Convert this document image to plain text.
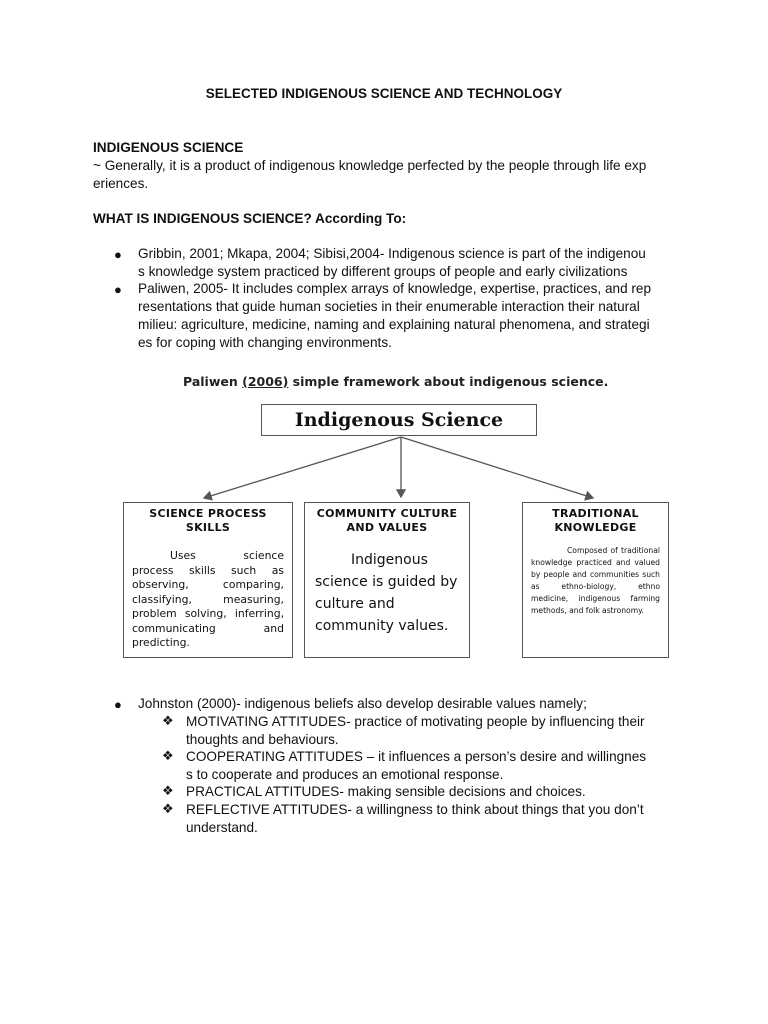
SELECTED INDIGENOUS SCIENCE AND TECHNOLOGY
INDIGENOUS SCIENCE
~ Generally, it is a product of indigenous knowledge perfected by the people through life exp
eriences.
WHAT IS INDIGENOUS SCIENCE? According To:
● Gribbin, 2001; Mkapa, 2004; Sibisi,2004- Indigenous science is part of the indigenou
s knowledge system practiced by different groups of people and early civilizations
● Paliwen, 2005- It includes complex arrays of knowledge, expertise, practices, and rep
resentations that guide human societies in their enumerable interaction their natural
milieu: agriculture, medicine, naming and explaining natural phenomena, and strategi
es for coping with changing environments.
Paliwen (2006) simple framework about indigenous science.
Indigenous Science
SCIENCE PROCESS
SKILLS
Uses science process skills such as observing, comparing, classifying, measuring, problem solving, inferring, communicating and predicting.
COMMUNITY CULTURE
AND VALUES
Indigenous science is guided by culture and community values.
TRADITIONAL
KNOWLEDGE
Composed of traditional knowledge practiced and valued by people and communities such as ethno-biology, ethno medicine, indigenous farming methods, and folk astronomy.
● Johnston (2000)- indigenous beliefs also develop desirable values namely;
❖ MOTIVATING ATTITUDES- practice of motivating people by influencing their
thoughts and behaviours.
❖ COOPERATING ATTITUDES – it influences a person’s desire and willingnes
s to cooperate and produces an emotional response.
❖ PRACTICAL ATTITUDES- making sensible decisions and choices.
❖ REFLECTIVE ATTITUDES- a willingness to think about things that you don’t
understand.
